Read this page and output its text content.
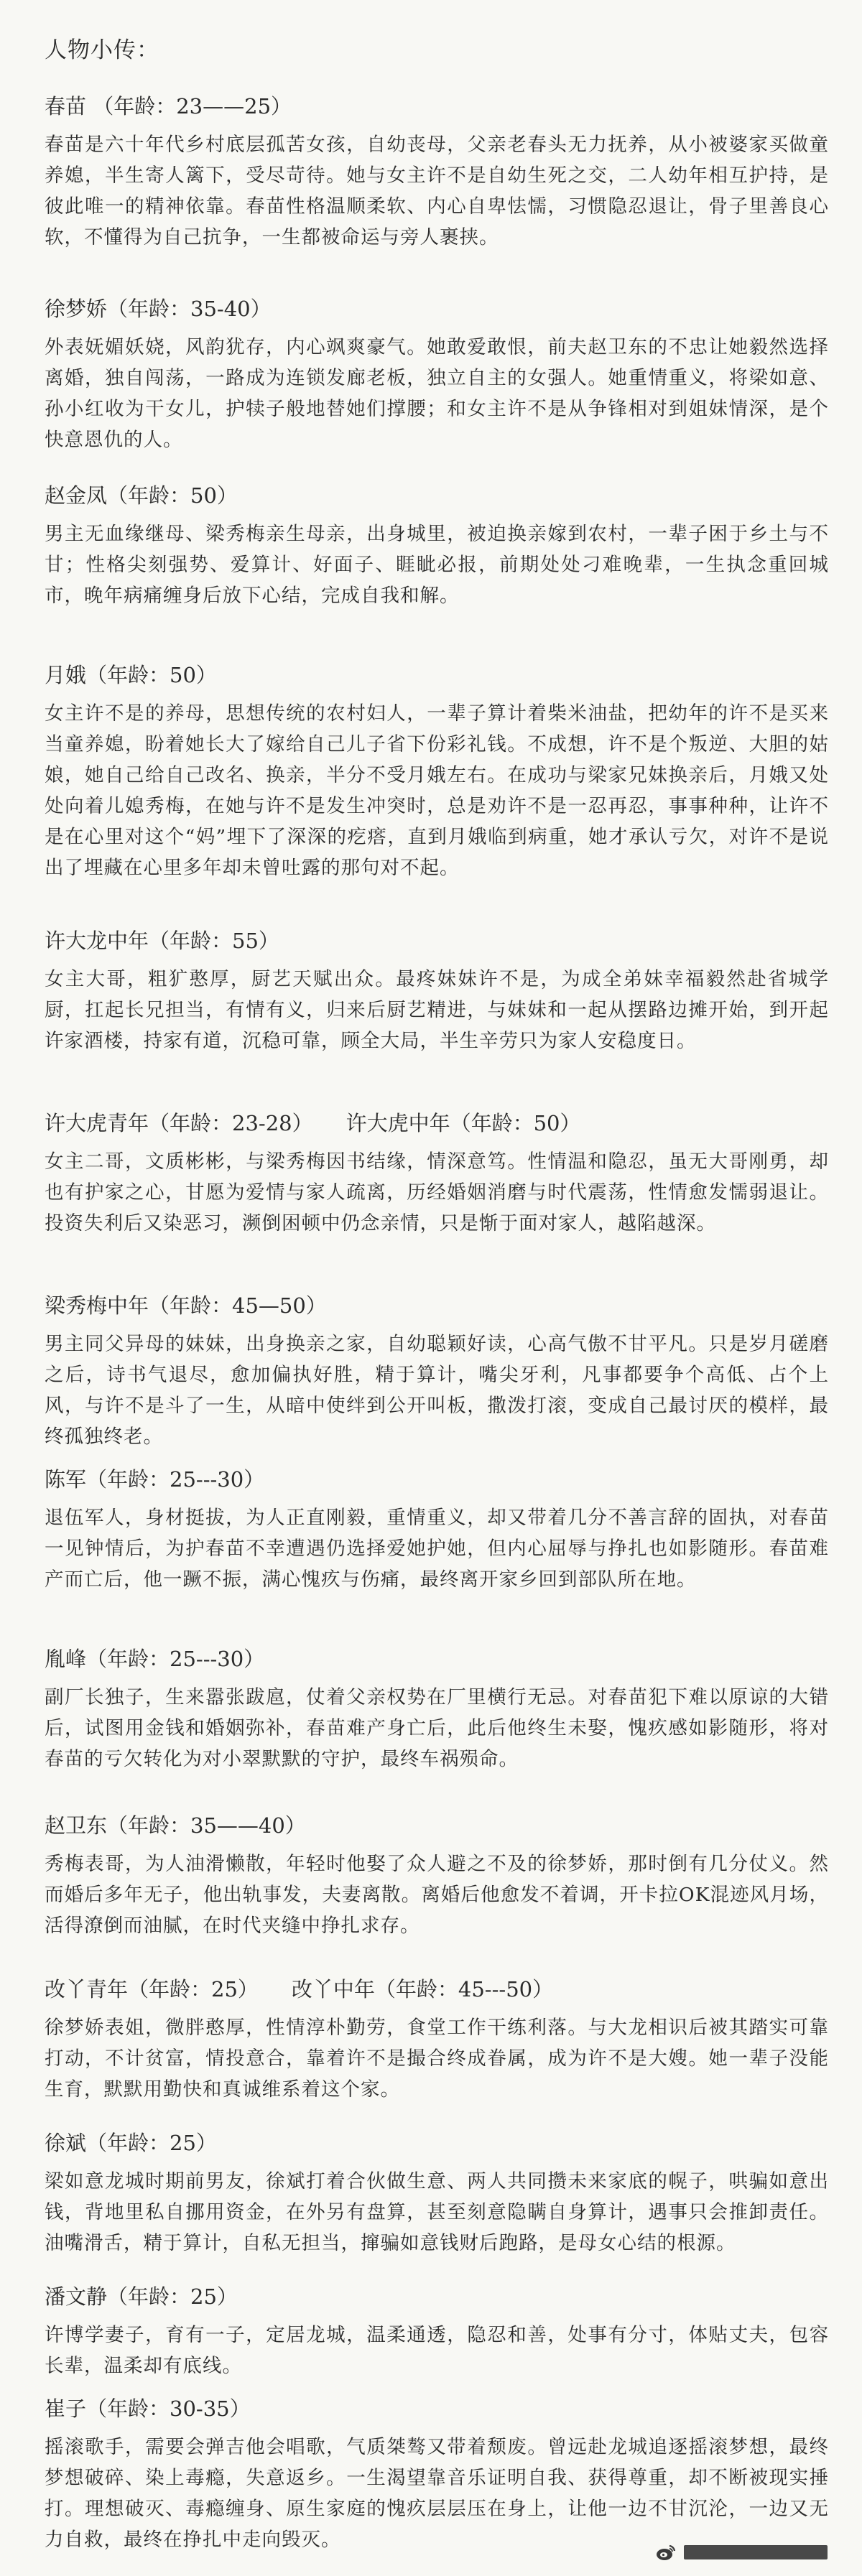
人物小传：
春苗 （年龄：23——25）
春苗是六十年代乡村底层孤苦女孩，自幼丧母，父亲老春头无力抚养，从小被婆家买做童养媳，半生寄人篱下，受尽苛待。她与女主许不是自幼生死之交，二人幼年相互护持，是彼此唯一的精神依靠。春苗性格温顺柔软、内心自卑怯懦，习惯隐忍退让，骨子里善良心软，不懂得为自己抗争，一生都被命运与旁人裹挟。
徐梦娇（年龄：35-40）
外表妩媚妖娆，风韵犹存，内心飒爽豪气。她敢爱敢恨，前夫赵卫东的不忠让她毅然选择离婚，独自闯荡，一路成为连锁发廊老板，独立自主的女强人。她重情重义，将梁如意、孙小红收为干女儿，护犊子般地替她们撑腰；和女主许不是从争锋相对到姐妹情深，是个快意恩仇的人。
赵金凤（年龄：50）
男主无血缘继母、梁秀梅亲生母亲，出身城里，被迫换亲嫁到农村，一辈子困于乡土与不甘；性格尖刻强势、爱算计、好面子、睚眦必报，前期处处刁难晚辈，一生执念重回城市，晚年病痛缠身后放下心结，完成自我和解。
月娥（年龄：50）
女主许不是的养母，思想传统的农村妇人，一辈子算计着柴米油盐，把幼年的许不是买来当童养媳，盼着她长大了嫁给自己儿子省下份彩礼钱。不成想，许不是个叛逆、大胆的姑娘，她自己给自己改名、换亲，半分不受月娥左右。在成功与梁家兄妹换亲后，月娥又处处向着儿媳秀梅，在她与许不是发生冲突时，总是劝许不是一忍再忍，事事种种，让许不是在心里对这个“妈”埋下了深深的疙瘩，直到月娥临到病重，她才承认亏欠，对许不是说出了埋藏在心里多年却未曾吐露的那句对不起。
许大龙中年（年龄：55）
女主大哥，粗犷憨厚，厨艺天赋出众。最疼妹妹许不是，为成全弟妹幸福毅然赴省城学厨，扛起长兄担当，有情有义，归来后厨艺精进，与妹妹和一起从摆路边摊开始，到开起许家酒楼，持家有道，沉稳可靠，顾全大局，半生辛劳只为家人安稳度日。
许大虎青年（年龄：23-28） 许大虎中年（年龄：50）
女主二哥，文质彬彬，与梁秀梅因书结缘，情深意笃。性情温和隐忍，虽无大哥刚勇，却也有护家之心，甘愿为爱情与家人疏离，历经婚姻消磨与时代震荡，性情愈发懦弱退让。投资失利后又染恶习，濒倒困顿中仍念亲情，只是惭于面对家人，越陷越深。
梁秀梅中年（年龄：45—50）
男主同父异母的妹妹，出身换亲之家，自幼聪颖好读，心高气傲不甘平凡。只是岁月磋磨之后，诗书气退尽，愈加偏执好胜，精于算计，嘴尖牙利，凡事都要争个高低、占个上风，与许不是斗了一生，从暗中使绊到公开叫板，撒泼打滚，变成自己最讨厌的模样，最终孤独终老。
陈军（年龄：25---30）
退伍军人，身材挺拔，为人正直刚毅，重情重义，却又带着几分不善言辞的固执，对春苗一见钟情后，为护春苗不幸遭遇仍选择爱她护她，但内心屈辱与挣扎也如影随形。春苗难产而亡后，他一蹶不振，满心愧疚与伤痛，最终离开家乡回到部队所在地。
胤峰（年龄：25---30）
副厂长独子，生来嚣张跋扈，仗着父亲权势在厂里横行无忌。对春苗犯下难以原谅的大错后，试图用金钱和婚姻弥补，春苗难产身亡后，此后他终生未娶，愧疚感如影随形，将对春苗的亏欠转化为对小翠默默的守护，最终车祸殒命。
赵卫东（年龄：35——40）
秀梅表哥，为人油滑懒散，年轻时他娶了众人避之不及的徐梦娇，那时倒有几分仗义。然而婚后多年无子，他出轨事发，夫妻离散。离婚后他愈发不着调，开卡拉OK混迹风月场，活得潦倒而油腻，在时代夹缝中挣扎求存。
改丫青年（年龄：25） 改丫中年（年龄：45---50）
徐梦娇表姐，微胖憨厚，性情淳朴勤劳，食堂工作干练利落。与大龙相识后被其踏实可靠打动，不计贫富，情投意合，靠着许不是撮合终成眷属，成为许不是大嫂。她一辈子没能生育，默默用勤快和真诚维系着这个家。
徐斌（年龄：25）
梁如意龙城时期前男友，徐斌打着合伙做生意、两人共同攒未来家底的幌子，哄骗如意出钱，背地里私自挪用资金，在外另有盘算，甚至刻意隐瞒自身算计，遇事只会推卸责任。油嘴滑舌，精于算计，自私无担当，撺骗如意钱财后跑路，是母女心结的根源。
潘文静（年龄：25）
许博学妻子，育有一子，定居龙城，温柔通透，隐忍和善，处事有分寸，体贴丈夫，包容长辈，温柔却有底线。
崔子（年龄：30-35）
摇滚歌手，需要会弹吉他会唱歌，气质桀骜又带着颓废。曾远赴龙城追逐摇滚梦想，最终梦想破碎、染上毒瘾，失意返乡。一生渴望靠音乐证明自我、获得尊重，却不断被现实捶打。理想破灭、毒瘾缠身、原生家庭的愧疚层层压在身上，让他一边不甘沉沦，一边又无力自救，最终在挣扎中走向毁灭。
